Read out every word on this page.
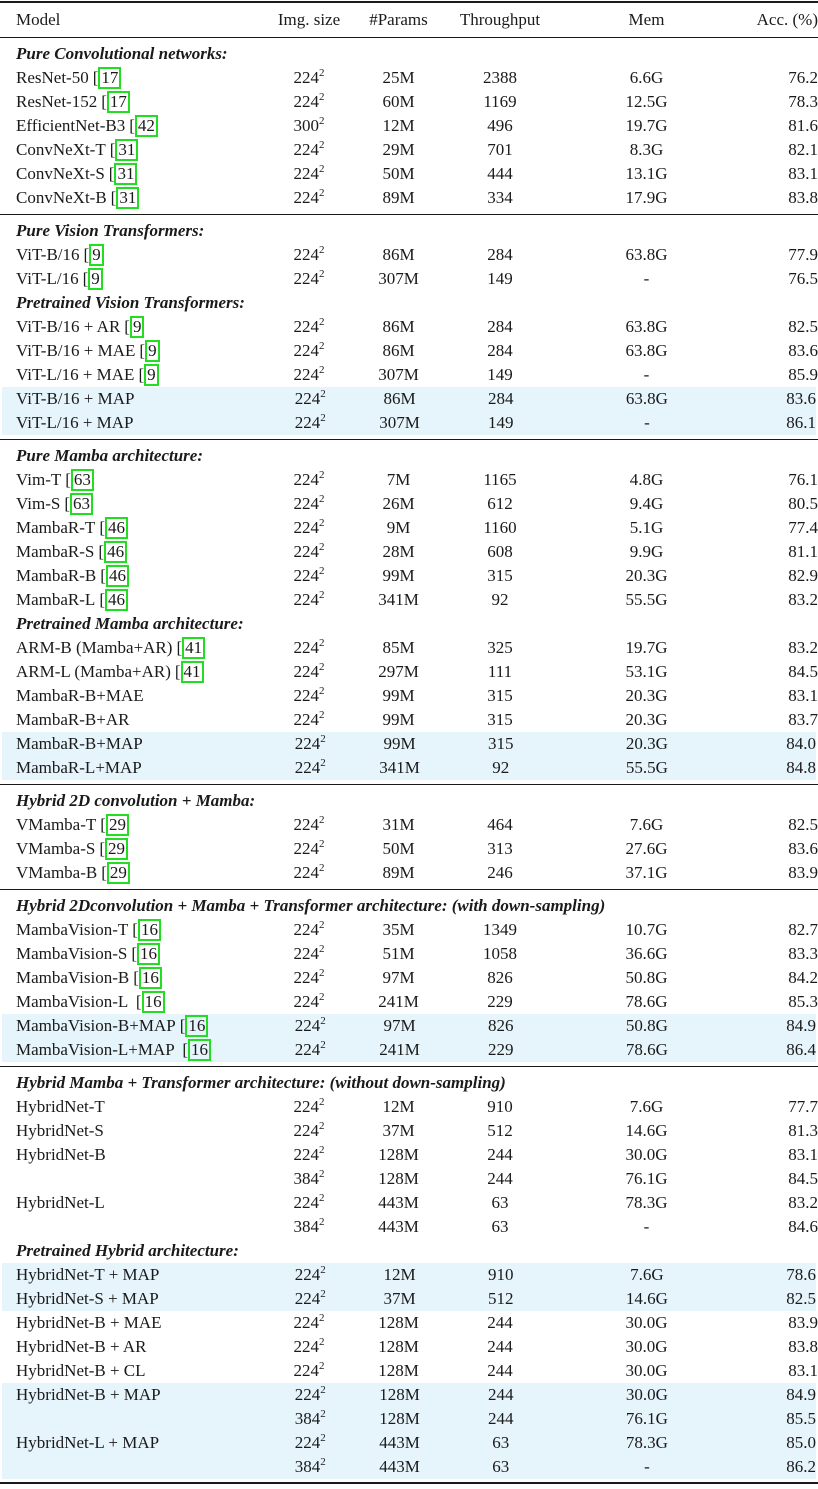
Model	Img. size	#Params	Throughput	Mem	Acc. (%)
Pure Convolutional networks:
ResNet-50 [ 17	$224^2$	25M	2388	6.6G	76.2
ResNet-152 [ 17	$224^2$	60M	1169	12.5G	78.3
EfficientNet-B3 [ 42	$300^2$	12M	496	19.7G	81.6
ConvNeXt-T [ 31	$224^2$	29M	701	8.3G	82.1
ConvNeXt-S [ 31	$224^2$	50M	444	13.1G	83.1
ConvNeXt-B [ 31	$224^2$	89M	334	17.9G	83.8
Pure Vision Transformers:
ViT-B/16 [ 9	$224^2$	86M	284	63.8G	77.9
ViT-L/16 [ 9	$224^2$	307M	149	-	76.5
Pretrained Vision Transformers:
ViT-B/16 + AR [ 9	$224^2$	86M	284	63.8G	82.5
ViT-B/16 + MAE [ 9	$224^2$	86M	284	63.8G	83.6
ViT-L/16 + MAE [ 9	$224^2$	307M	149	-	85.9
ViT-B/16 + MAP	$224^2$	86M	284	63.8G	83.6
ViT-L/16 + MAP	$224^2$	307M	149	-	86.1
Pure Mamba architecture:
Vim-T [ 63	$224^2$	7M	1165	4.8G	76.1
Vim-S [ 63	$224^2$	26M	612	9.4G	80.5
MambaR-T [ 46	$224^2$	9M	1160	5.1G	77.4
MambaR-S [ 46	$224^2$	28M	608	9.9G	81.1
MambaR-B [ 46	$224^2$	99M	315	20.3G	82.9
MambaR-L [ 46	$224^2$	341M	92	55.5G	83.2
Pretrained Mamba architecture:
ARM-B (Mamba+AR) [ 41	$224^2$	85M	325	19.7G	83.2
ARM-L (Mamba+AR) [ 41	$224^2$	297M	111	53.1G	84.5
MambaR-B+MAE	$224^2$	99M	315	20.3G	83.1
MambaR-B+AR	$224^2$	99M	315	20.3G	83.7
MambaR-B+MAP	$224^2$	99M	315	20.3G	84.0
MambaR-L+MAP	$224^2$	341M	92	55.5G	84.8
Hybrid 2D convolution + Mamba:
VMamba-T [ 29	$224^2$	31M	464	7.6G	82.5
VMamba-S [ 29	$224^2$	50M	313	27.6G	83.6
VMamba-B [ 29	$224^2$	89M	246	37.1G	83.9
Hybrid 2Dconvolution + Mamba + Transformer architecture: (with down-sampling)
MambaVision-T [ 16	$224^2$	35M	1349	10.7G	82.7
MambaVision-S [ 16	$224^2$	51M	1058	36.6G	83.3
MambaVision-B [ 16	$224^2$	97M	826	50.8G	84.2
MambaVision-L [ 16	$224^2$	241M	229	78.6G	85.3
MambaVision-B+MAP [ 16	$224^2$	97M	826	50.8G	84.9
MambaVision-L+MAP [ 16	$224^2$	241M	229	78.6G	86.4
Hybrid Mamba + Transformer architecture: (without down-sampling)
HybridNet-T	$224^2$	12M	910	7.6G	77.7
HybridNet-S	$224^2$	37M	512	14.6G	81.3
HybridNet-B	$224^2$	128M	244	30.0G	83.1
$384^2$	128M	244	76.1G	84.5
HybridNet-L	$224^2$	443M	63	78.3G	83.2
$384^2$	443M	63	-	84.6
Pretrained Hybrid architecture:
HybridNet-T + MAP	$224^2$	12M	910	7.6G	78.6
HybridNet-S + MAP	$224^2$	37M	512	14.6G	82.5
HybridNet-B + MAE	$224^2$	128M	244	30.0G	83.9
HybridNet-B + AR	$224^2$	128M	244	30.0G	83.8
HybridNet-B + CL	$224^2$	128M	244	30.0G	83.1
HybridNet-B + MAP	$224^2$	128M	244	30.0G	84.9
$384^2$	128M	244	76.1G	85.5
HybridNet-L + MAP	$224^2$	443M	63	78.3G	85.0
$384^2$	443M	63	-	86.2
